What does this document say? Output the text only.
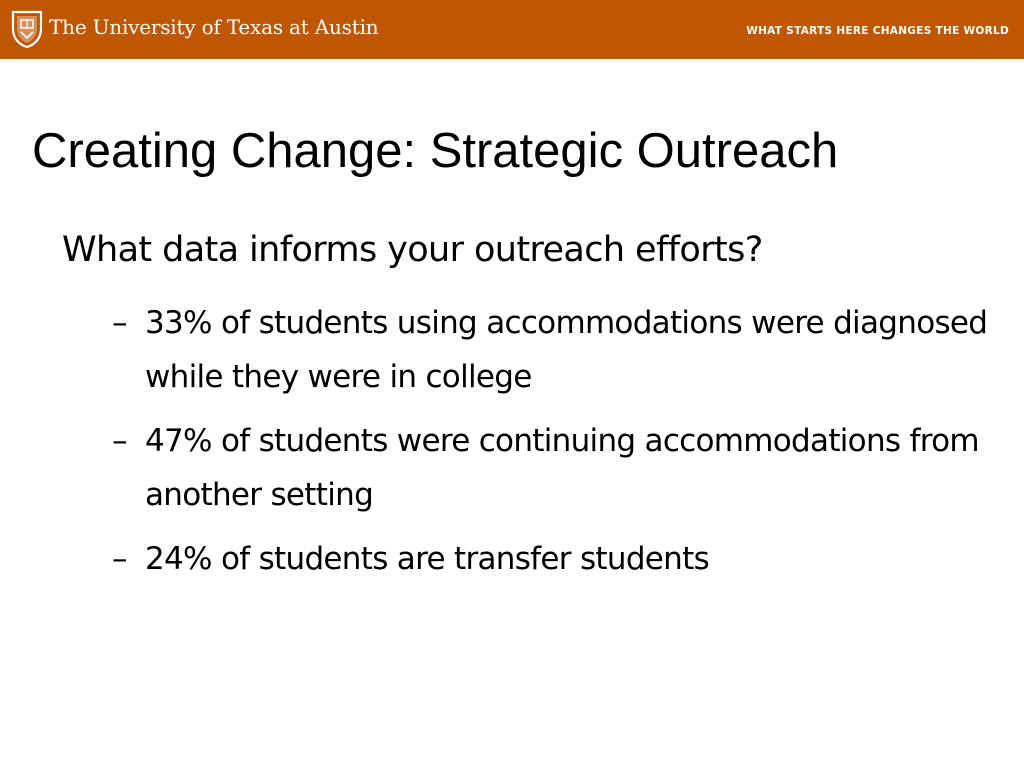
The University of Texas at Austin	WHAT STARTS HERE CHANGES THE WORLD
Creating Change: Strategic Outreach
What data informs your outreach efforts?
– 33% of students using accommodations were diagnosed while they were in college
– 47% of students were continuing accommodations from another setting
– 24% of students are transfer students
